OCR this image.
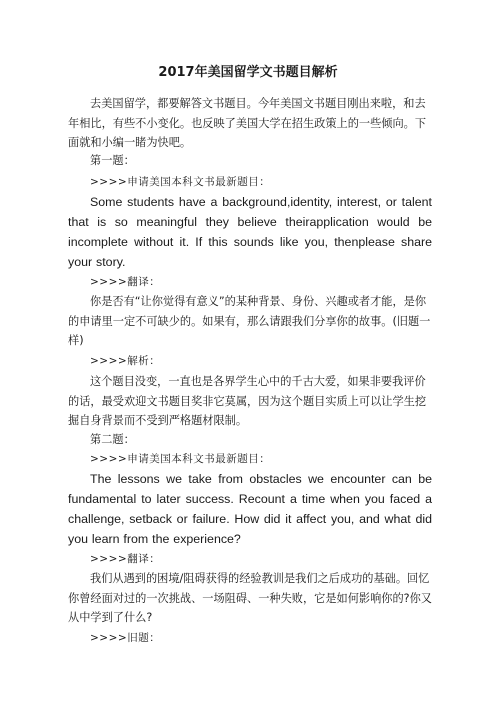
2017年美国留学文书题目解析

去美国留学，都要解答文书题目。今年美国文书题目刚出来啦，和去年相比，有些不小变化。也反映了美国大学在招生政策上的一些倾向。下面就和小编一睹为快吧。

第一题：
>>>>申请美国本科文书最新题目：

Some students have a background,identity, interest, or talent that is so meaningful they believe theirapplication would be incomplete without it. If this sounds like you, thenplease share your story.

>>>>翻译：

你是否有“让你觉得有意义”的某种背景、身份、兴趣或者才能，是你的申请里一定不可缺少的。如果有，那么请跟我们分享你的故事。(旧题一样)

>>>>解析：

这个题目没变，一直也是各界学生心中的千古大爱，如果非要我评价的话，最受欢迎文书题目奖非它莫属，因为这个题目实质上可以让学生挖掘自身背景而不受到严格题材限制。

第二题：
>>>>申请美国本科文书最新题目：

The lessons we take from obstacles we encounter can be fundamental to later success. Recount a time when you faced a challenge, setback or failure. How did it affect you, and what did you learn from the experience?

>>>>翻译：

我们从遇到的困境/阻碍获得的经验教训是我们之后成功的基础。回忆你曾经面对过的一次挑战、一场阻碍、一种失败，它是如何影响你的?你又从中学到了什么?

>>>>旧题：
